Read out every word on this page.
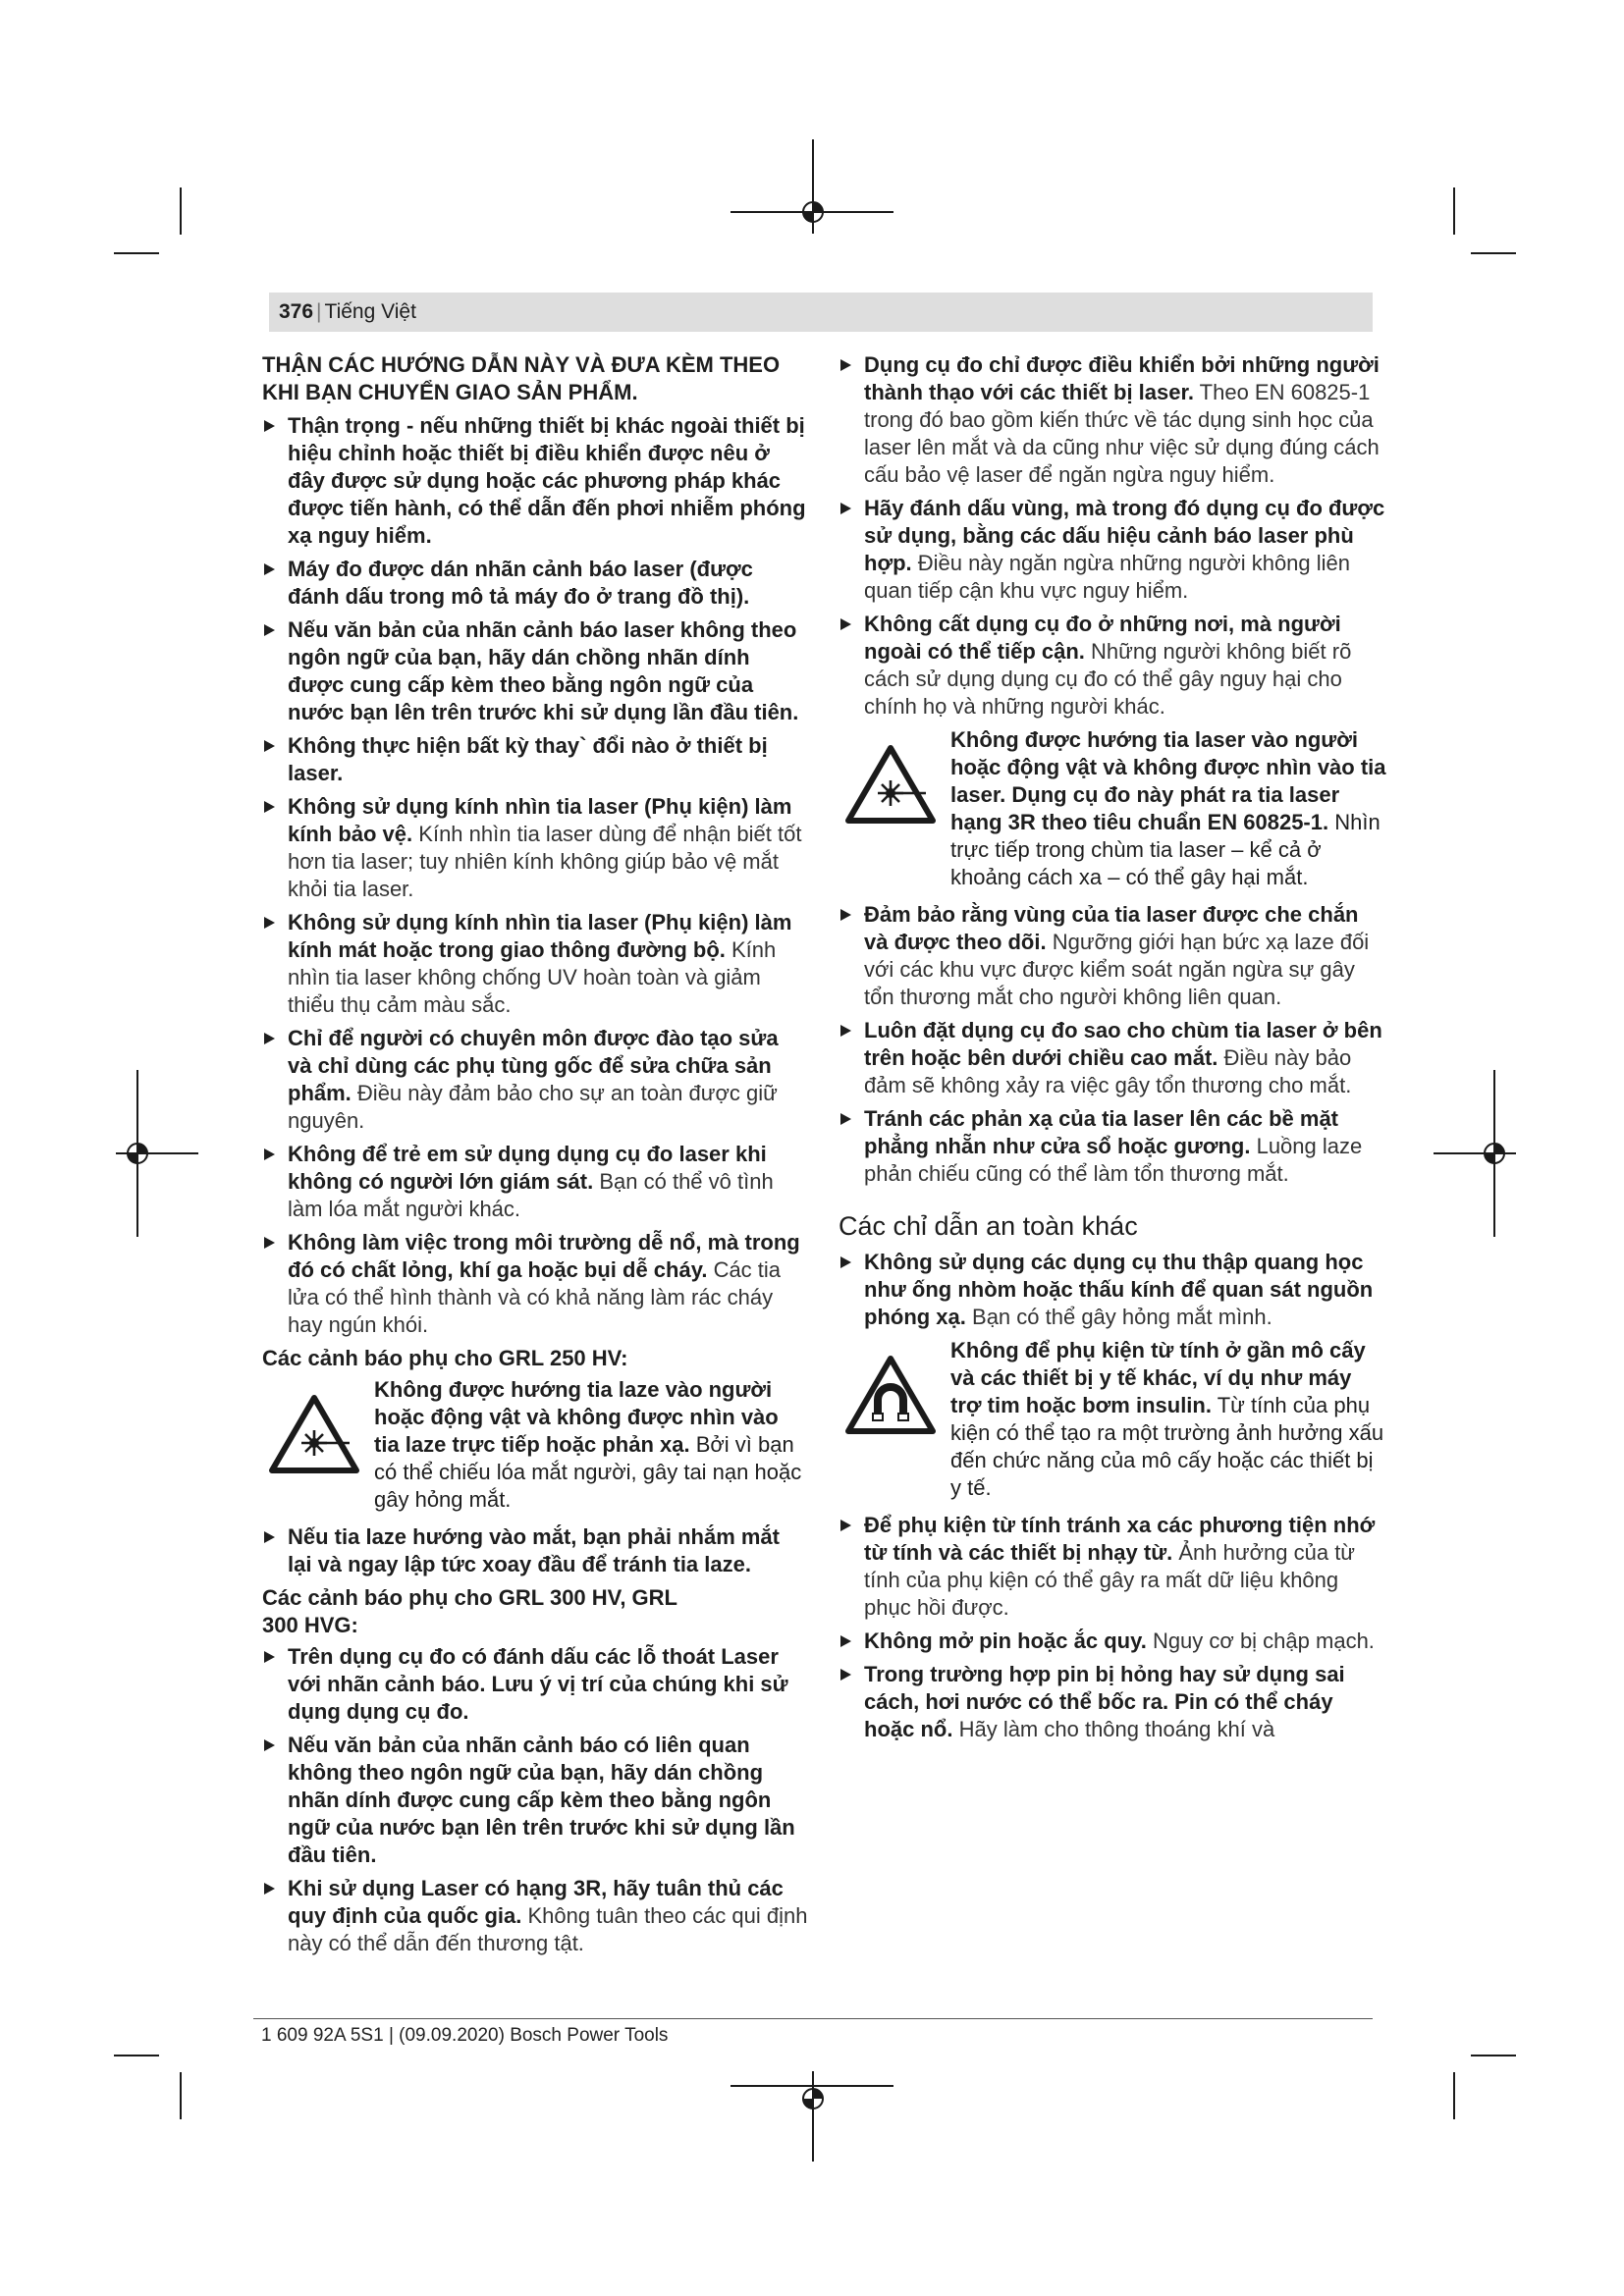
376 | Tiếng Việt
THẬN CÁC HƯỚNG DẪN NÀY VÀ ĐƯA KÈM THEO KHI BẠN CHUYỂN GIAO SẢN PHẨM.
Thận trọng - nếu những thiết bị khác ngoài thiết bị hiệu chỉnh hoặc thiết bị điều khiển được nêu ở đây được sử dụng hoặc các phương pháp khác được tiến hành, có thể dẫn đến phơi nhiễm phóng xạ nguy hiểm.
Máy đo được dán nhãn cảnh báo laser (được đánh dấu trong mô tả máy đo ở trang đồ thị).
Nếu văn bản của nhãn cảnh báo laser không theo ngôn ngữ của bạn, hãy dán chồng nhãn dính được cung cấp kèm theo bằng ngôn ngữ của nước bạn lên trên trước khi sử dụng lần đầu tiên.
Không thực hiện bất kỳ thay` đổi nào ở thiết bị laser.
Không sử dụng kính nhìn tia laser (Phụ kiện) làm kính bảo vệ. Kính nhìn tia laser dùng để nhận biết tốt hơn tia laser; tuy nhiên kính không giúp bảo vệ mắt khỏi tia laser.
Không sử dụng kính nhìn tia laser (Phụ kiện) làm kính mát hoặc trong giao thông đường bộ. Kính nhìn tia laser không chống UV hoàn toàn và giảm thiểu thụ cảm màu sắc.
Chỉ để người có chuyên môn được đào tạo sửa và chỉ dùng các phụ tùng gốc để sửa chữa sản phẩm. Điều này đảm bảo cho sự an toàn được giữ nguyên.
Không để trẻ em sử dụng dụng cụ đo laser khi không có người lớn giám sát. Bạn có thể vô tình làm lóa mắt người khác.
Không làm việc trong môi trường dễ nổ, mà trong đó có chất lỏng, khí ga hoặc bụi dễ cháy. Các tia lửa có thể hình thành và có khả năng làm rác cháy hay ngún khói.
Các cảnh báo phụ cho GRL 250 HV:
Không được hướng tia laze vào người hoặc động vật và không được nhìn vào tia laze trực tiếp hoặc phản xạ. Bởi vì bạn có thể chiếu lóa mắt người, gây tai nạn hoặc gây hỏng mắt.
Nếu tia laze hướng vào mắt, bạn phải nhắm mắt lại và ngay lập tức xoay đầu để tránh tia laze.
Các cảnh báo phụ cho GRL 300 HV, GRL 300 HVG:
Trên dụng cụ đo có đánh dấu các lỗ thoát Laser với nhãn cảnh báo. Lưu ý vị trí của chúng khi sử dụng dụng cụ đo.
Nếu văn bản của nhãn cảnh báo có liên quan không theo ngôn ngữ của bạn, hãy dán chồng nhãn dính được cung cấp kèm theo bằng ngôn ngữ của nước bạn lên trên trước khi sử dụng lần đầu tiên.
Khi sử dụng Laser có hạng 3R, hãy tuân thủ các quy định của quốc gia. Không tuân theo các qui định này có thể dẫn đến thương tật.
Dụng cụ đo chỉ được điều khiển bởi những người thành thạo với các thiết bị laser. Theo EN 60825-1 trong đó bao gồm kiến thức về tác dụng sinh học của laser lên mắt và da cũng như việc sử dụng đúng cách cấu bảo vệ laser để ngăn ngừa nguy hiểm.
Hãy đánh dấu vùng, mà trong đó dụng cụ đo được sử dụng, bằng các dấu hiệu cảnh báo laser phù hợp. Điều này ngăn ngừa những người không liên quan tiếp cận khu vực nguy hiểm.
Không cất dụng cụ đo ở những nơi, mà người ngoài có thể tiếp cận. Những người không biết rõ cách sử dụng dụng cụ đo có thể gây nguy hại cho chính họ và những người khác.
Không được hướng tia laser vào người hoặc động vật và không được nhìn vào tia laser. Dụng cụ đo này phát ra tia laser hạng 3R theo tiêu chuẩn EN 60825-1. Nhìn trực tiếp trong chùm tia laser – kể cả ở khoảng cách xa – có thể gây hại mắt.
Đảm bảo rằng vùng của tia laser được che chắn và được theo dõi. Ngưỡng giới hạn bức xạ laze đối với các khu vực được kiểm soát ngăn ngừa sự gây tổn thương mắt cho người không liên quan.
Luôn đặt dụng cụ đo sao cho chùm tia laser ở bên trên hoặc bên dưới chiều cao mắt. Điều này bảo đảm sẽ không xảy ra việc gây tổn thương cho mắt.
Tránh các phản xạ của tia laser lên các bề mặt phẳng nhẵn như cửa sổ hoặc gương. Luồng laze phản chiếu cũng có thể làm tổn thương mắt.
Các chỉ dẫn an toàn khác
Không sử dụng các dụng cụ thu thập quang học như ống nhòm hoặc thấu kính để quan sát nguồn phóng xạ. Bạn có thể gây hỏng mắt mình.
Không để phụ kiện từ tính ở gần mô cấy và các thiết bị y tế khác, ví dụ như máy trợ tim hoặc bơm insulin. Từ tính của phụ kiện có thể tạo ra một trường ảnh hưởng xấu đến chức năng của mô cấy hoặc các thiết bị y tế.
Để phụ kiện từ tính tránh xa các phương tiện nhớ từ tính và các thiết bị nhạy từ. Ảnh hưởng của từ tính của phụ kiện có thể gây ra mất dữ liệu không phục hồi được.
Không mở pin hoặc ắc quy. Nguy cơ bị chập mạch.
Trong trường hợp pin bị hỏng hay sử dụng sai cách, hơi nước có thể bốc ra. Pin có thể cháy hoặc nổ. Hãy làm cho thông thoáng khí và
1 609 92A 5S1 | (09.09.2020) Bosch Power Tools
